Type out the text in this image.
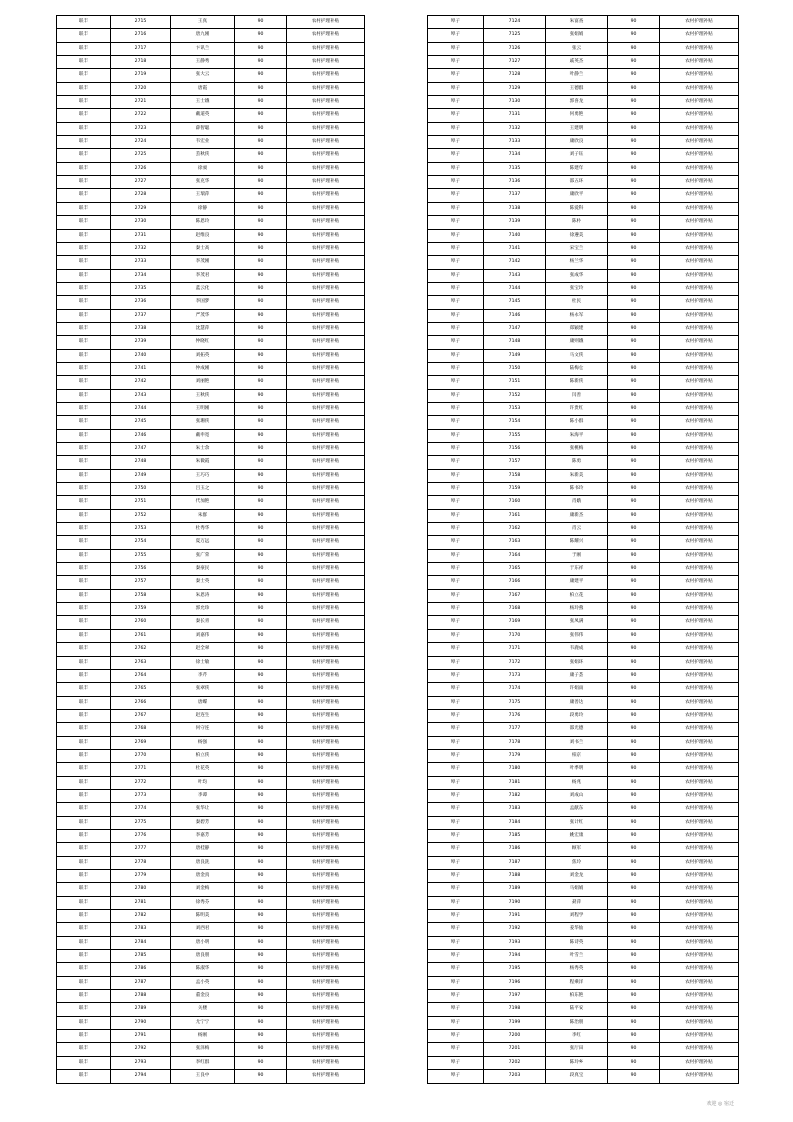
联丰	2715	王真	90	农村护理补贴
联丰	2716	唐九刚	90	农村护理补贴
联丰	2717	卞讯兰	90	农村护理补贴
联丰	2718	王静秀	90	农村护理补贴
联丰	2719	张大云	90	农村护理补贴
联丰	2720	唐霞	90	农村护理补贴
联丰	2721	王士娥	90	农村护理补贴
联丰	2722	戴道英	90	农村护理补贴
联丰	2723	薛智聪	90	农村护理补贴
联丰	2724	韦宏业	90	农村护理补贴
联丰	2725	丢秋侠	90	农村护理补贴
联丰	2726	徐昶	90	农村护理补贴
联丰	2727	张克华	90	农村护理补贴
联丰	2728	王瑞萍	90	农村护理补贴
联丰	2729	徐静	90	农村护理补贴
联丰	2730	陈恩玲	90	农村护理补贴
联丰	2731	赵维良	90	农村护理补贴
联丰	2732	秦士高	90	农村护理补贴
联丰	2733	李茂刚	90	农村护理补贴
联丰	2734	李茂君	90	农村护理补贴
联丰	2735	蓝云化	90	农村护理补贴
联丰	2736	李国梦	90	农村护理补贴
联丰	2737	严茂华	90	农村护理补贴
联丰	2738	沈慧萍	90	农村护理补贴
联丰	2739	仲晓红	90	农村护理补贴
联丰	2740	刘拓英	90	农村护理补贴
联丰	2741	仲成刚	90	农村护理补贴
联丰	2742	刘丽艳	90	农村护理补贴
联丰	2743	王秋侠	90	农村护理补贴
联丰	2744	王明刚	90	农村护理补贴
联丰	2745	张珊侠	90	农村护理补贴
联丰	2746	戴申宽	90	农村护理补贴
联丰	2747	朱士余	90	农村护理补贴
联丰	2748	朱微霞	90	农村护理补贴
联丰	2749	王巧巧	90	农村护理补贴
联丰	2750	吕玉之	90	农村护理补贴
联丰	2751	代加艳	90	农村护理补贴
联丰	2752	朱群	90	农村护理补贴
联丰	2753	杜秀华	90	农村护理补贴
联丰	2754	夏万远	90	农村护理补贴
联丰	2755	张广荣	90	农村护理补贴
联丰	2756	秦豪民	90	农村护理补贴
联丰	2757	秦士英	90	农村护理补贴
联丰	2758	朱恩涛	90	农村护理补贴
联丰	2759	郭允珍	90	农村护理补贴
联丰	2760	秦长青	90	农村护理补贴
联丰	2761	刘嘉伟	90	农村护理补贴
联丰	2762	赵全翠	90	农村护理补贴
联丰	2763	徐士敏	90	农村护理补贴
联丰	2764	李芹	90	农村护理补贴
联丰	2765	张翠侠	90	农村护理补贴
联丰	2766	唐蝶	90	农村护理补贴
联丰	2767	赵连生	90	农村护理补贴
联丰	2768	何守连	90	农村护理补贴
联丰	2769	杨强	90	农村护理补贴
联丰	2770	柏立侠	90	农村护理补贴
联丰	2771	杜花英	90	农村护理补贴
联丰	2772	叶均	90	农村护理补贴
联丰	2773	李谭	90	农村护理补贴
联丰	2774	张华让	90	农村护理补贴
联丰	2775	秦碧芳	90	农村护理补贴
联丰	2776	李嘉芳	90	农村护理补贴
联丰	2777	唐桂静	90	农村护理补贴
联丰	2778	唐良洗	90	农村护理补贴
联丰	2779	唐金真	90	农村护理补贴
联丰	2780	刘金梅	90	农村护理补贴
联丰	2781	徐秀芬	90	农村护理补贴
联丰	2782	陈明美	90	农村护理补贴
联丰	2783	刘西君	90	农村护理补贴
联丰	2784	唐小明	90	农村护理补贴
联丰	2785	唐良朋	90	农村护理补贴
联丰	2786	陈淑华	90	农村护理补贴
联丰	2787	孟小英	90	农村护理补贴
联丰	2788	董金良	90	农村护理补贴
联丰	2789	关楼	90	农村护理补贴
联丰	2790	尤宁宁	90	农村护理补贴
联丰	2791	杨刚	90	农村护理补贴
联丰	2792	张泽梅	90	农村护理补贴
联丰	2793	李红群	90	农村护理补贴
联丰	2794	王良中	90	农村护理补贴
埠子	7124	朱富查	90	农村护理补贴
埠子	7125	张娟娟	90	农村护理补贴
埠子	7126	张云	90	农村护理补贴
埠子	7127	戚英杰	90	农村护理补贴
埠子	7128	叶静兰	90	农村护理补贴
埠子	7129	王德群	90	农村护理补贴
埠子	7130	郭喜龙	90	农村护理补贴
埠子	7131	何勇艳	90	农村护理补贴
埠子	7132	王建明	90	农村护理补贴
埠子	7133	庸欣良	90	农村护理补贴
埠子	7134	刘子钰	90	农村护理补贴
埠子	7135	陈建年	90	农村护理补贴
埠子	7136	邵五环	90	农村护理补贴
埠子	7137	庸欣平	90	农村护理补贴
埠子	7138	陈爱科	90	农村护理补贴
埠子	7139	陈朴	90	农村护理补贴
埠子	7140	徐遵美	90	农村护理补贴
埠子	7141	宋宝兰	90	农村护理补贴
埠子	7142	杨兰华	90	农村护理补贴
埠子	7143	张成华	90	农村护理补贴
埠子	7144	张宝玲	90	农村护理补贴
埠子	7145	杜民	90	农村护理补贴
埠子	7146	杨永军	90	农村护理补贴
埠子	7147	郑颖建	90	农村护理补贴
埠子	7148	庸则娥	90	农村护理补贴
埠子	7149	马文侠	90	农村护理补贴
埠子	7150	陆梅仓	90	农村护理补贴
埠子	7151	陈新侠	90	农村护理补贴
埠子	7152	闫善	90	农村护理补贴
埠子	7153	许贵红	90	农村护理补贴
埠子	7154	陈小群	90	农村护理补贴
埠子	7155	朱海平	90	农村护理补贴
埠子	7156	张桃梅	90	农村护理补贴
埠子	7157	陈勇	90	农村护理补贴
埠子	7158	朱新美	90	农村护理补贴
埠子	7159	陈书玲	90	农村护理补贴
埠子	7160	肖娥	90	农村护理补贴
埠子	7161	庸新杰	90	农村护理补贴
埠子	7162	肖云	90	农村护理补贴
埠子	7163	陈耀兴	90	农村护理补贴
埠子	7164	于刚	90	农村护理补贴
埠子	7165	于东祥	90	农村护理补贴
埠子	7166	庸建平	90	农村护理补贴
埠子	7167	柏立花	90	农村护理补贴
埠子	7168	杨玲燕	90	农村护理补贴
埠子	7169	张凤满	90	农村护理补贴
埠子	7170	张伟伟	90	农村护理补贴
埠子	7171	韦鹿成	90	农村护理补贴
埠子	7172	张娟环	90	农村护理补贴
埠子	7173	庸子荟	90	农村护理补贴
埠子	7174	许娟雨	90	农村护理补贴
埠子	7175	庸善达	90	农村护理补贴
埠子	7176	段勇玲	90	农村护理补贴
埠子	7177	邵光德	90	农村护理补贴
埠子	7178	刘书兰	90	农村护理补贴
埠子	7179	柏京	90	农村护理补贴
埠子	7180	叶季明	90	农村护理补贴
埠子	7181	杨兆	90	农村护理补贴
埠子	7182	刘成山	90	农村护理补贴
埠子	7183	孟献东	90	农村护理补贴
埠子	7184	张计红	90	农村护理补贴
埠子	7185	姚宏康	90	农村护理补贴
埠子	7186	顾军	90	农村护理补贴
埠子	7187	焦玲	90	农村护理补贴
埠子	7188	刘金龙	90	农村护理补贴
埠子	7189	马娟娟	90	农村护理补贴
埠子	7190	聂萍	90	农村护理补贴
埠子	7191	刘程学	90	农村护理补贴
埠子	7192	姜华仙	90	农村护理补贴
埠子	7193	陈诗英	90	农村护理补贴
埠子	7194	叶雪兰	90	农村护理补贴
埠子	7195	杨秀英	90	农村护理补贴
埠子	7196	程乘洋	90	农村护理补贴
埠子	7197	柏东艳	90	农村护理补贴
埠子	7198	陆平安	90	农村护理补贴
埠子	7199	陈治朋	90	农村护理补贴
埠子	7200	李红	90	农村护理补贴
埠子	7201	张厅田	90	农村护理补贴
埠子	7202	陈玲乡	90	农村护理补贴
埠子	7203	段真宝	90	农村护理补贴
欢迎 ◎ 宿迁
